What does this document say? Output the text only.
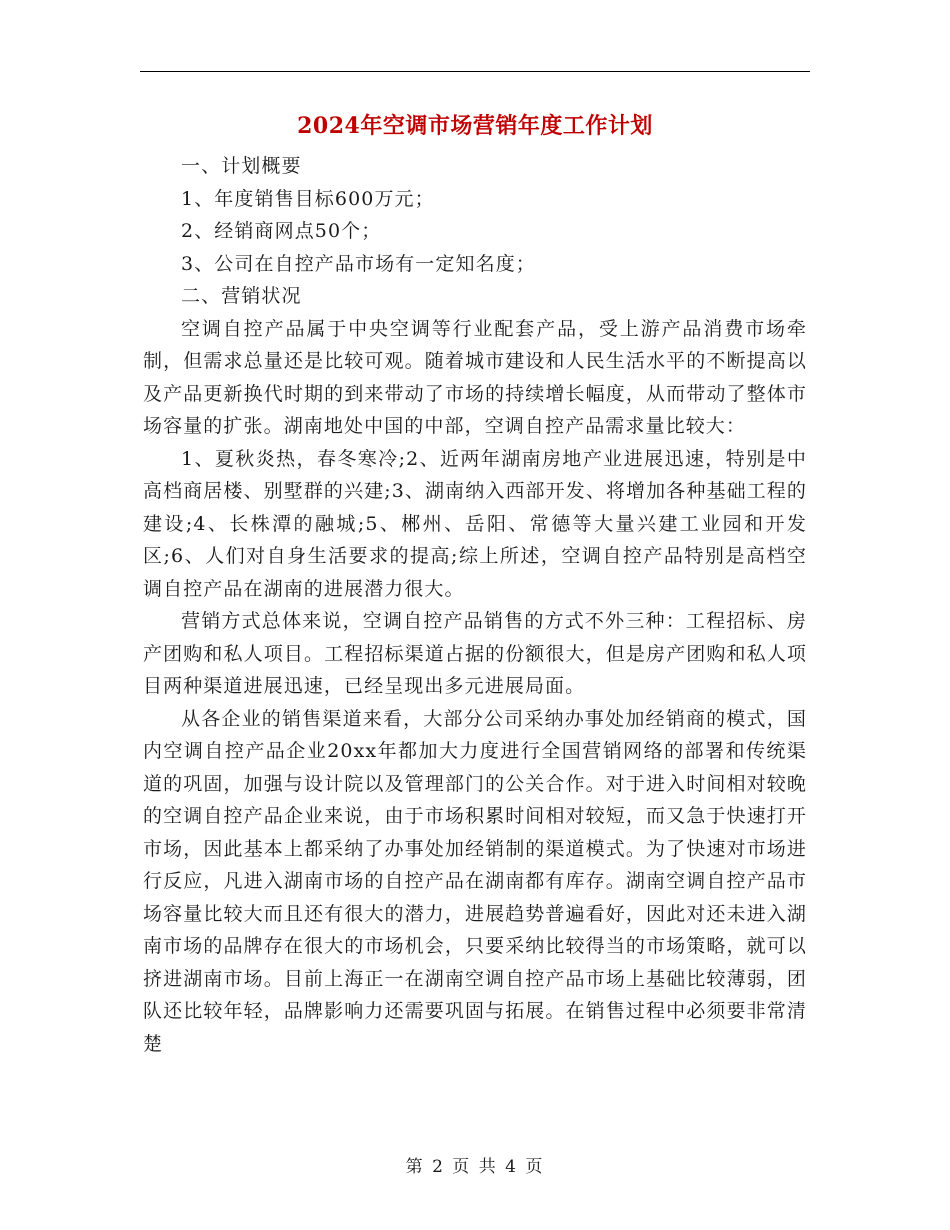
2024年空调市场营销年度工作计划

一、计划概要

1、年度销售目标600万元；

2、经销商网点50个；

3、公司在自控产品市场有一定知名度；

二、营销状况

空调自控产品属于中央空调等行业配套产品，受上游产品消费市场牵制，但需求总量还是比较可观。随着城市建设和人民生活水平的不断提高以及产品更新换代时期的到来带动了市场的持续增长幅度，从而带动了整体市场容量的扩张。湖南地处中国的中部，空调自控产品需求量比较大：

1、夏秋炎热，春冬寒冷;2、近两年湖南房地产业进展迅速，特别是中高档商居楼、别墅群的兴建;3、湖南纳入西部开发、将增加各种基础工程的建设;4、长株潭的融城;5、郴州、岳阳、常德等大量兴建工业园和开发区;6、人们对自身生活要求的提高;综上所述，空调自控产品特别是高档空调自控产品在湖南的进展潜力很大。

营销方式总体来说，空调自控产品销售的方式不外三种：工程招标、房产团购和私人项目。工程招标渠道占据的份额很大，但是房产团购和私人项目两种渠道进展迅速，已经呈现出多元进展局面。

从各企业的销售渠道来看，大部分公司采纳办事处加经销商的模式，国内空调自控产品企业20xx年都加大力度进行全国营销网络的部署和传统渠道的巩固，加强与设计院以及管理部门的公关合作。对于进入时间相对较晚的空调自控产品企业来说，由于市场积累时间相对较短，而又急于快速打开市场，因此基本上都采纳了办事处加经销制的渠道模式。为了快速对市场进行反应，凡进入湖南市场的自控产品在湖南都有库存。湖南空调自控产品市场容量比较大而且还有很大的潜力，进展趋势普遍看好，因此对还未进入湖南市场的品牌存在很大的市场机会，只要采纳比较得当的市场策略，就可以挤进湖南市场。目前上海正一在湖南空调自控产品市场上基础比较薄弱，团队还比较年轻，品牌影响力还需要巩固与拓展。在销售过程中必须要非常清楚

第 2 页 共 4 页
